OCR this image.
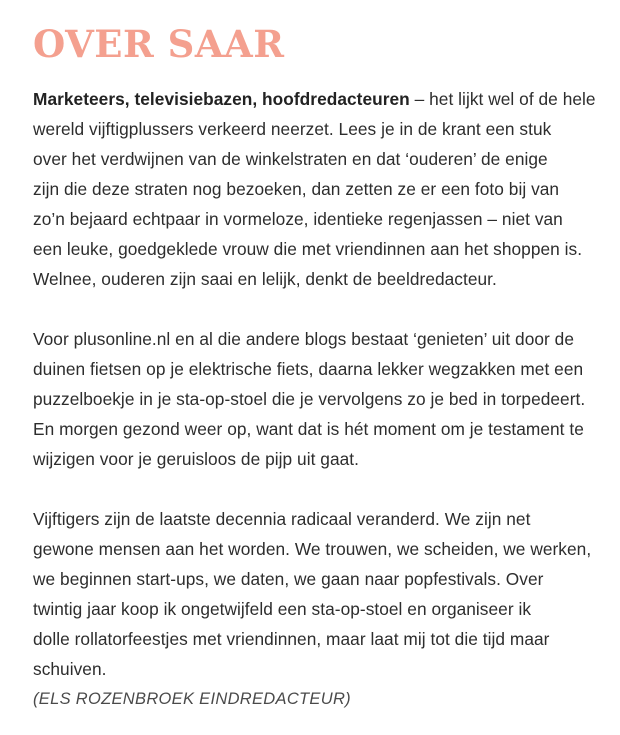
OVER SAAR

Marketeers, televisiebazen, hoofdredacteuren – het lijkt wel of de hele
wereld vijftigplussers verkeerd neerzet. Lees je in de krant een stuk
over het verdwijnen van de winkelstraten en dat ‘ouderen’ de enige
zijn die deze straten nog bezoeken, dan zetten ze er een foto bij van
zo’n bejaard echtpaar in vormeloze, identieke regenjassen – niet van
een leuke, goedgeklede vrouw die met vriendinnen aan het shoppen is.
Welnee, ouderen zijn saai en lelijk, denkt de beeldredacteur.

Voor plusonline.nl en al die andere blogs bestaat ‘genieten’ uit door de
duinen fietsen op je elektrische fiets, daarna lekker wegzakken met een
puzzelboekje in je sta-op-stoel die je vervolgens zo je bed in torpedeert.
En morgen gezond weer op, want dat is hét moment om je testament te
wijzigen voor je geruisloos de pijp uit gaat.

Vijftigers zijn de laatste decennia radicaal veranderd. We zijn net
gewone mensen aan het worden. We trouwen, we scheiden, we werken,
we beginnen start-ups, we daten, we gaan naar popfestivals. Over
twintig jaar koop ik ongetwijfeld een sta-op-stoel en organiseer ik
dolle rollatorfeestjes met vriendinnen, maar laat mij tot die tijd maar
schuiven.

(ELS ROZENBROEK EINDREDACTEUR)
